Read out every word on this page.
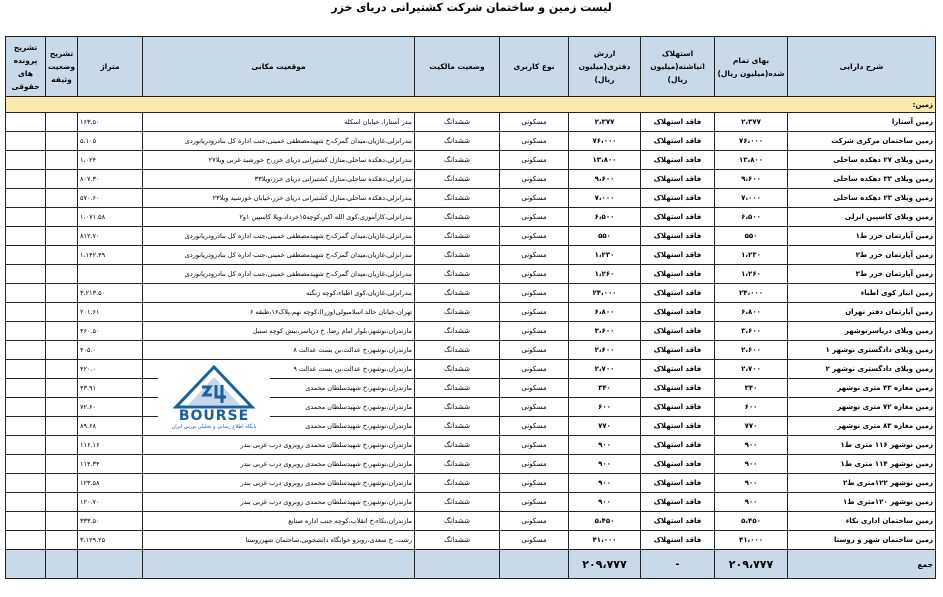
لیست زمین و ساختمان شرکت کشتیرانی دریای خزر
شرح دارایی	بهای تمام شده(میلیون ریال)	استهلاک انباشته(میلیون ریال)	ارزش دفتری(میلیون ریال)	نوع کاربری	وضعیت مالکیت	موقعیت مکانی	متراژ	تشریح وضعیت وثیقه	تشریح پرونده های حقوقی
زمین:									
زمین آستارا	۲،۳۷۷	فاقد استهلاک	۲،۳۷۷	مسکونی	ششدانگ	بندر آستارا، خیابان اسکله	۱۶۳.۵۰		
زمین ساختمان مرکزی شرکت	۷۶،۰۰۰	فاقد استهلاک	۷۶،۰۰۰	مسکونی	ششدانگ	بندرانزلی،غازیان،میدان گمرک،خ شهیدمصطفی خمینی،جنب اداره کل بنادرودریانوردی	۵،۱۰۵		
زمین ویلای ۲۷ دهکده ساحلی	۱۳،۸۰۰	فاقد استهلاک	۱۳،۸۰۰	مسکونی	ششدانگ	بندرانزلی،دهکده ساحلی،منازل کشتیرانی دریای خزر،خ خورشید غربی ویلا۲۷	۱،۰۲۴		
زمین ویلای ۳۳ دهکده ساحلی	۹،۶۰۰	فاقد استهلاک	۹،۶۰۰	مسکونی	ششدانگ	بندرانزلی،دهکده ساحلی،منازل کشتیرانی دریای خزر،ویلا۳۳	۸۰۷.۳۰		
زمین ویلای ۲۳ دهکده ساحلی	۷،۰۰۰	فاقد استهلاک	۷،۰۰۰	مسکونی	ششدانگ	بندرانزلی،دهکده ساحلی،منازل کشتیرانی دریای خزر،خیابان خورشید ویلا۲۳	۵۷۰.۶۰		
زمین ویلای کاسپین انزلی	۶،۵۰۰	فاقد استهلاک	۶،۵۰۰	مسکونی	ششدانگ	بندرانزلی،کارآموزی،کوی الله اکبر،کوچه۱۵خرداد،ویلا کاسپین ۱و۲	۱،۰۷۱.۵۸		
زمین آپارتمان خزر ط۱	۵۵۰	فاقد استهلاک	۵۵۰	مسکونی	ششدانگ	بندرانزلی،غازیان،میدان گمرک،خ شهیدمصطفی خمینی،جنب اداره کل بنادرودریانوردی	۸۱۲.۷۰		
زمین آپارتمان خزر ط۲	۱،۲۳۰	فاقد استهلاک	۱،۲۳۰	مسکونی	ششدانگ	بندرانزلی،غازیان،میدان گمرک،خ شهیدمصطفی خمینی،جنب اداره کل بنادرودریانوردی	۱،۱۴۲.۴۹		
زمین آپارتمان خزر ط۳	۱،۲۶۰	فاقد استهلاک	۱،۲۶۰	مسکونی	ششدانگ	بندرانزلی،غازیان،میدان گمرک،خ شهیدمصطفی خمینی،جنب اداره کل بنادرودریانوردی			
زمین انبار کوی اطباء	۲۴،۰۰۰	فاقد استهلاک	۲۴،۰۰۰	مسکونی	ششدانگ	بندرانزلی،غازیان،کوی اطباء،کوچه زنگنه	۳،۲۱۳.۵۰		
زمین آپارتمان دفتر تهران	۶،۸۰۰	فاقد استهلاک	۶،۸۰۰	مسکونی	ششدانگ	تهران،خیابان خالد اسلامبولی(وزرا)،کوچه نهم،پلاک۱۶،طبقه ۶	۲۰۱.۶۱		
زمین ویلای دریاسرنوشهر	۳،۶۰۰	فاقد استهلاک	۳،۶۰۰	مسکونی	ششدانگ	مازندران،نوشهر،بلوار امام رضا، خ دریاسر،نبش کوچه سنبل	۴۶۰.۵۰		
زمین ویلای دادگستری نوشهر ۱	۲،۶۰۰	فاقد استهلاک	۲،۶۰۰	مسکونی	ششدانگ	مازندران،نوشهر،خ عدالت،بن بست عدالت ۸	۴۰۵.۰		
زمین ویلای دادگستری نوشهر ۲	۲،۷۰۰	فاقد استهلاک	۲،۷۰۰	مسکونی	ششدانگ	مازندران،نوشهر،خ عدالت،بن بست عدالت ۹	۴۲۰.۰		
زمین مغازه ۴۳ متری نوشهر	۳۴۰	فاقد استهلاک	۳۴۰	مسکونی	ششدانگ	مازندران،نوشهر،خ شهیدسلطان محمدی	۴۳.۹۱		
زمین مغازه ۷۲ متری نوشهر	۶۰۰	فاقد استهلاک	۶۰۰	مسکونی	ششدانگ	مازندران،نوشهر،خ شهیدسلطان محمدی	۷۲.۶۰		
زمین مغازه ۸۳ متری نوشهر	۷۷۰	فاقد استهلاک	۷۷۰	مسکونی	ششدانگ	مازندران،نوشهر،خ شهیدسلطان محمدی	۸۹.۶۸		
زمین نوشهر ۱۱۶ متری ط۱	۹۰۰	فاقد استهلاک	۹۰۰	مسکونی	ششدانگ	مازندران،نوشهر،خ شهیدسلطان محمدی روبروی درب غربی بندر	۱۱۶.۱۶		
زمین نوشهر ۱۱۴ متری ط۱	۹۰۰	فاقد استهلاک	۹۰۰	مسکونی	ششدانگ	مازندران،نوشهر،خ شهیدسلطان محمدی روبروی درب غربی بندر	۱۱۴.۳۴		
زمین نوشهر ۱۲۲متری ط۲	۹۰۰	فاقد استهلاک	۹۰۰	مسکونی	ششدانگ	مازندران،نوشهر،خ شهیدسلطان محمدی روبروی درب غربی بندر	۱۲۳.۵۸		
زمین نوشهر ۱۲۰متری ط۱	۹۰۰	فاقد استهلاک	۹۰۰	مسکونی	ششدانگ	مازندران،نوشهر،خ شهیدسلطان محمدی روبروی درب غربی بندر	۱۲۰.۷۰		
زمین ساختمان اداری نکاء	۵،۴۵۰	فاقد استهلاک	۵،۴۵۰	مسکونی	ششدانگ	مازندران،نکاء،خ انقلاب،کوچه جنب اداره صنایع	۳۳۳.۵۰		
زمین ساختمان شهر و روستا	۴۱،۰۰۰	فاقد استهلاک	۴۱،۰۰۰	مسکونی	ششدانگ	رشت، خ سعدی،روبرو خوابگاه دانشجویی،ساختمان شهرروستا	۳،۱۲۹.۲۵		
جمع	۲۰۹،۷۷۷	-	۲۰۹،۷۷۷						
BOURSE
پایگاه اطلاع رسانی و تحلیلی بورس ایران
